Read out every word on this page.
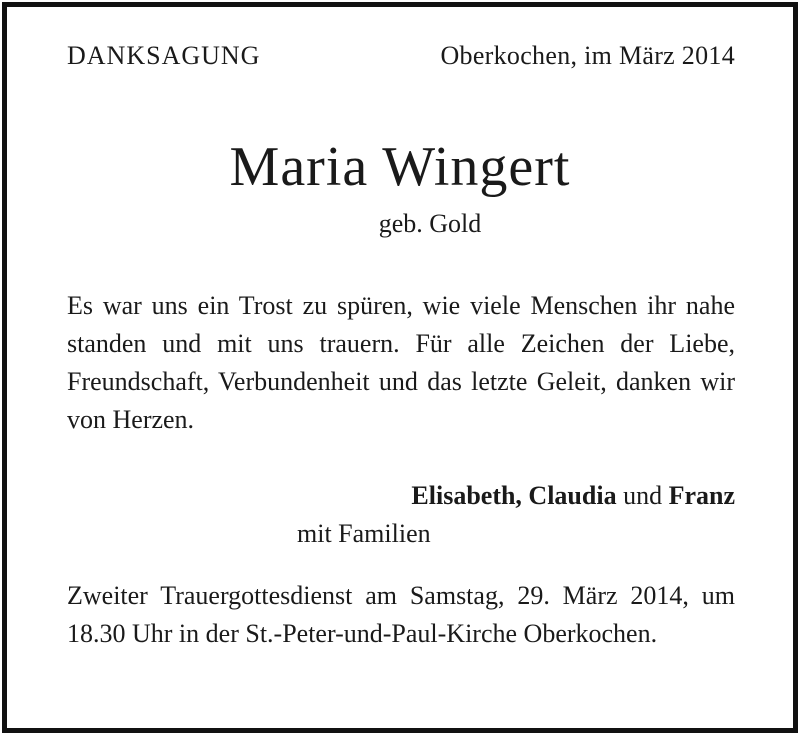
DANKSAGUNG	Oberkochen, im März 2014
Maria Wingert
geb. Gold
Es war uns ein Trost zu spüren, wie viele Menschen ihr nahe standen und mit uns trauern. Für alle Zeichen der Liebe, Freundschaft, Verbundenheit und das letzte Geleit, danken wir von Herzen.
Elisabeth, Claudia und Franz
mit Familien
Zweiter Trauergottesdienst am Samstag, 29. März 2014, um 18.30 Uhr in der St.-Peter-und-Paul-Kirche Oberkochen.
